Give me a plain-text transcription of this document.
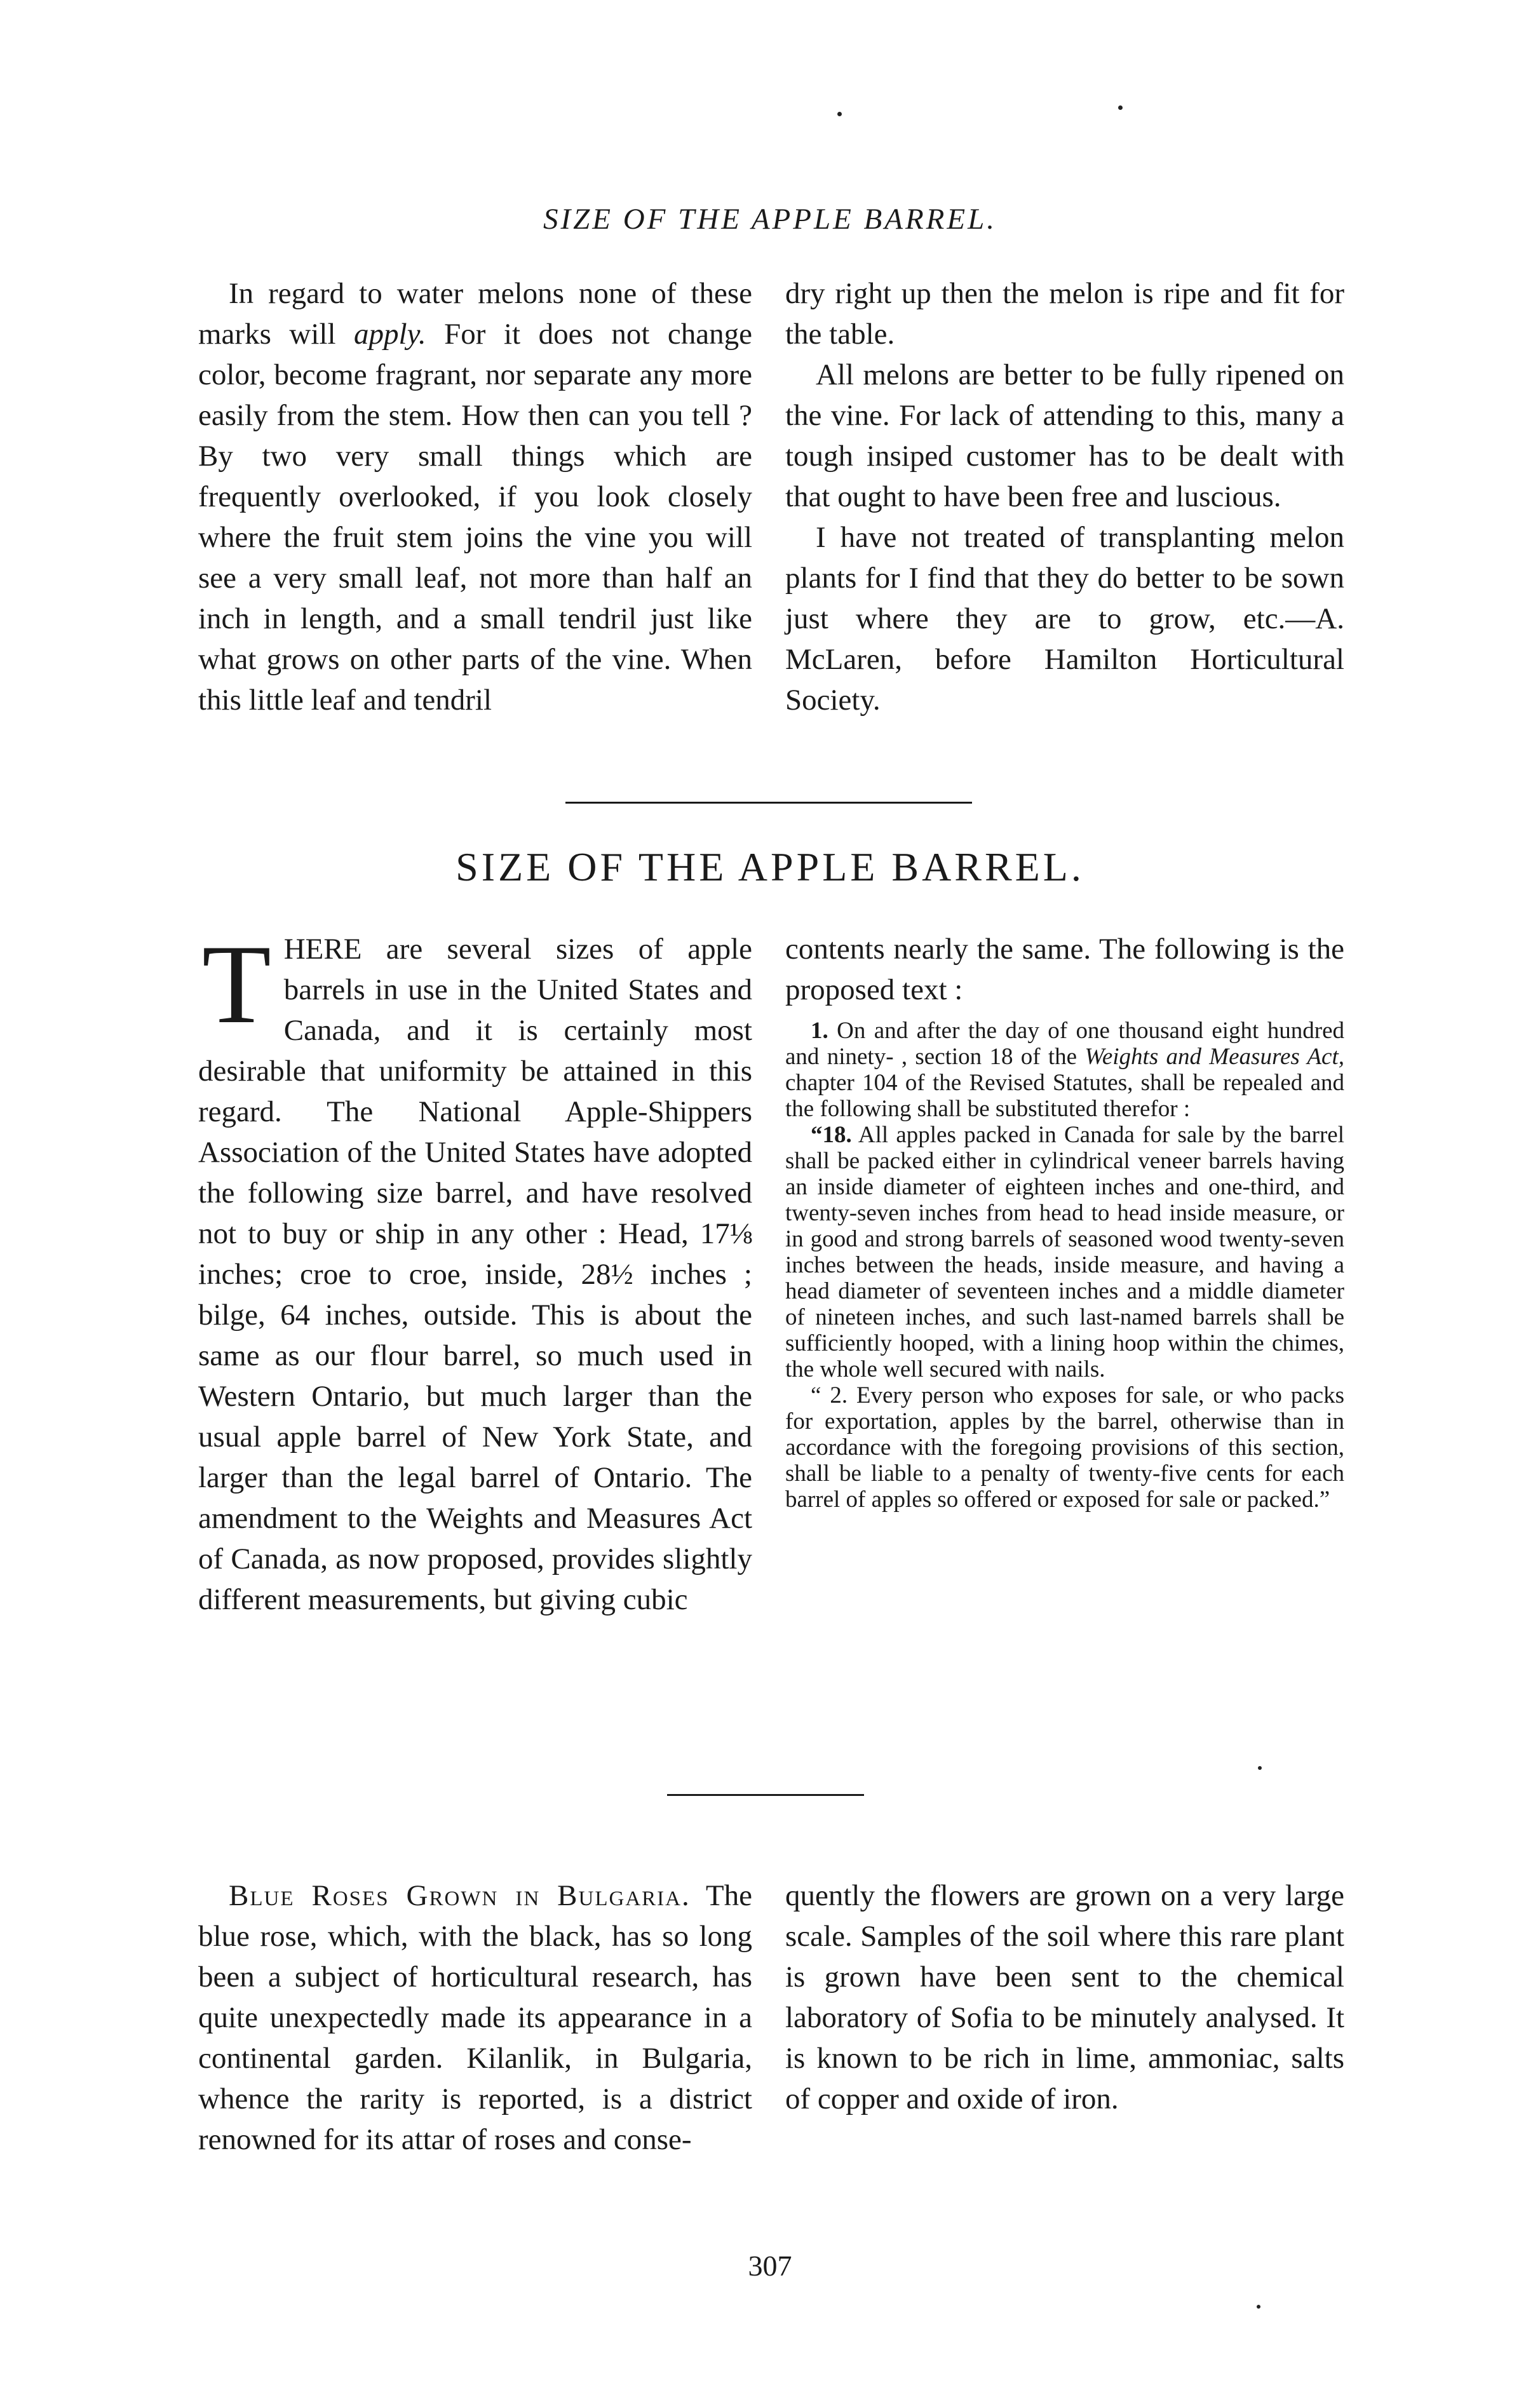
SIZE OF THE APPLE BARREL.

In regard to water melons none of these marks will apply. For it does not change color, become fragrant, nor separate any more easily from the stem. How then can you tell ? By two very small things which are frequently overlooked, if you look closely where the fruit stem joins the vine you will see a very small leaf, not more than half an inch in length, and a small tendril just like what grows on other parts of the vine. When this little leaf and tendril

dry right up then the melon is ripe and fit for the table.

All melons are better to be fully ripened on the vine. For lack of attending to this, many a tough insiped customer has to be dealt with that ought to have been free and luscious.

I have not treated of transplanting melon plants for I find that they do better to be sown just where they are to grow, etc.—A. McLaren, before Hamilton Horticultural Society.

SIZE OF THE APPLE BARREL.

THERE are several sizes of apple barrels in use in the United States and Canada, and it is certainly most desirable that uniformity be attained in this regard. The National Apple-Shippers Association of the United States have adopted the following size barrel, and have resolved not to buy or ship in any other : Head, 17⅛ inches; croe to croe, inside, 28½ inches ; bilge, 64 inches, outside. This is about the same as our flour barrel, so much used in Western Ontario, but much larger than the usual apple barrel of New York State, and larger than the legal barrel of Ontario. The amendment to the Weights and Measures Act of Canada, as now proposed, provides slightly different measurements, but giving cubic

contents nearly the same. The following is the proposed text :

1. On and after the day of one thousand eight hundred and ninety- , section 18 of the Weights and Measures Act, chapter 104 of the Revised Statutes, shall be repealed and the following shall be substituted therefor :

“18. All apples packed in Canada for sale by the barrel shall be packed either in cylindrical veneer barrels having an inside diameter of eighteen inches and one-third, and twenty-seven inches from head to head inside measure, or in good and strong barrels of seasoned wood twenty-seven inches between the heads, inside measure, and having a head diameter of seventeen inches and a middle diameter of nineteen inches, and such last-named barrels shall be sufficiently hooped, with a lining hoop within the chimes, the whole well secured with nails.

“ 2. Every person who exposes for sale, or who packs for exportation, apples by the barrel, otherwise than in accordance with the foregoing provisions of this section, shall be liable to a penalty of twenty-five cents for each barrel of apples so offered or exposed for sale or packed.”

Blue Roses Grown in Bulgaria. The blue rose, which, with the black, has so long been a subject of horticultural research, has quite unexpectedly made its appearance in a continental garden. Kilanlik, in Bulgaria, whence the rarity is reported, is a district renowned for its attar of roses and conse-

quently the flowers are grown on a very large scale. Samples of the soil where this rare plant is grown have been sent to the chemical laboratory of Sofia to be minutely analysed. It is known to be rich in lime, ammoniac, salts of copper and oxide of iron.

307
